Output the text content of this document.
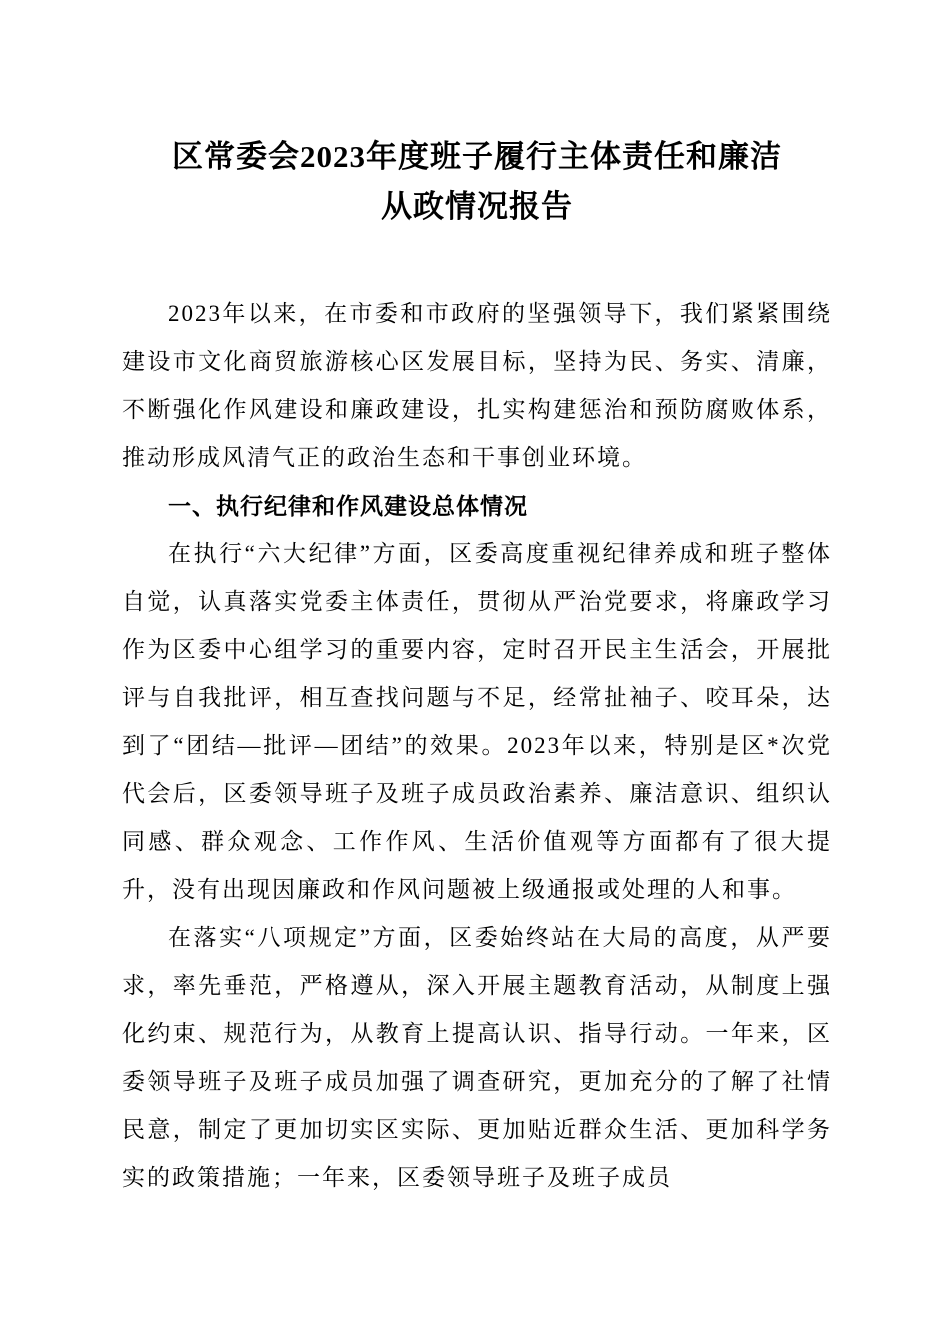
区常委会2023年度班子履行主体责任和廉洁
从政情况报告

2023年以来，在市委和市政府的坚强领导下，我们紧紧围绕建设市文化商贸旅游核心区发展目标，坚持为民、务实、清廉，不断强化作风建设和廉政建设，扎实构建惩治和预防腐败体系，推动形成风清气正的政治生态和干事创业环境。

一、执行纪律和作风建设总体情况

在执行“六大纪律”方面，区委高度重视纪律养成和班子整体自觉，认真落实党委主体责任，贯彻从严治党要求，将廉政学习作为区委中心组学习的重要内容，定时召开民主生活会，开展批评与自我批评，相互查找问题与不足，经常扯袖子、咬耳朵，达到了“团结—批评—团结”的效果。2023年以来，特别是区*次党代会后，区委领导班子及班子成员政治素养、廉洁意识、组织认同感、群众观念、工作作风、生活价值观等方面都有了很大提升，没有出现因廉政和作风问题被上级通报或处理的人和事。

在落实“八项规定”方面，区委始终站在大局的高度，从严要求，率先垂范，严格遵从，深入开展主题教育活动，从制度上强化约束、规范行为，从教育上提高认识、指导行动。一年来，区委领导班子及班子成员加强了调查研究，更加充分的了解了社情民意，制定了更加切实区实际、更加贴近群众生活、更加科学务实的政策措施；一年来，区委领导班子及班子成员
